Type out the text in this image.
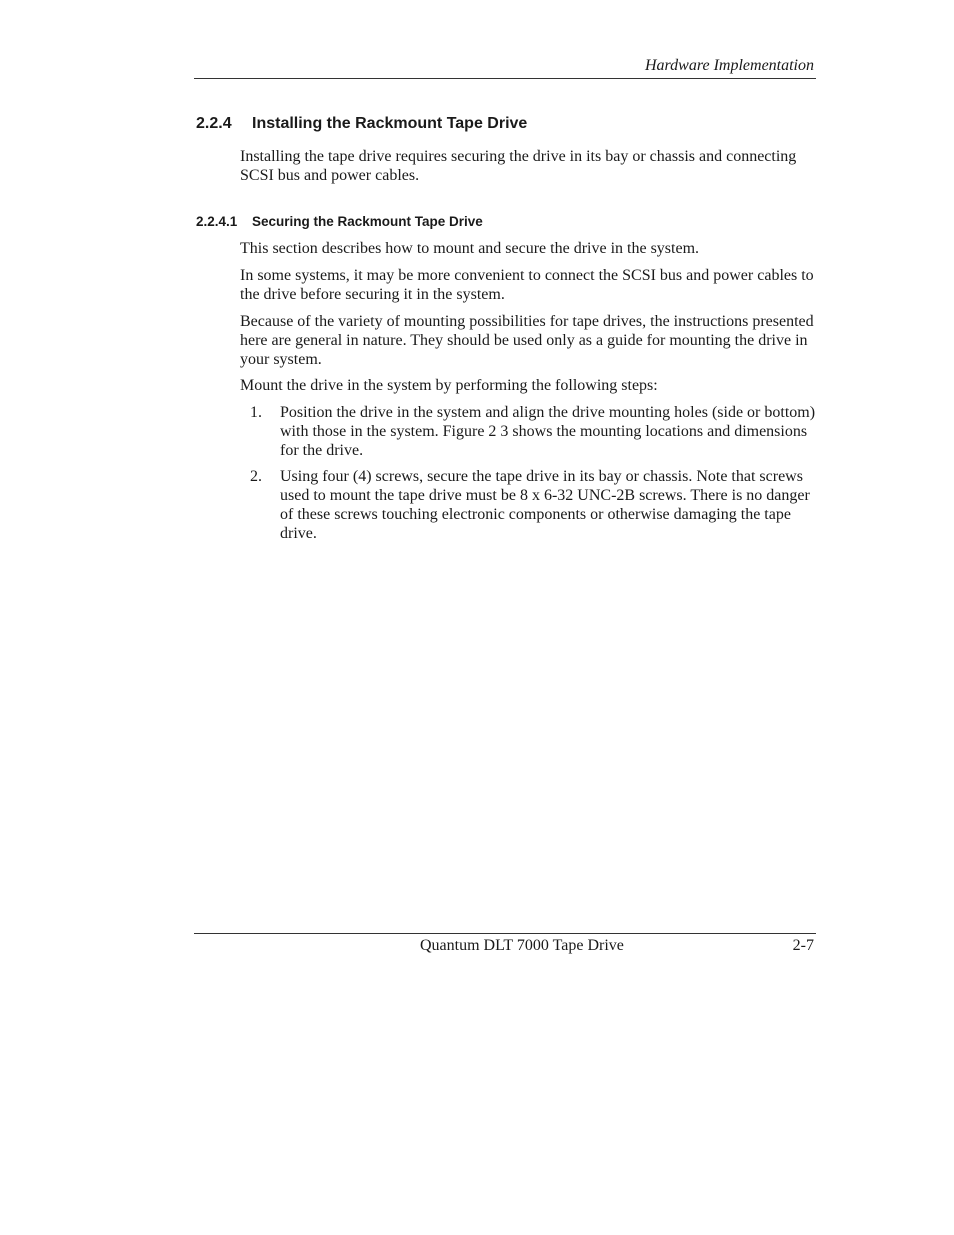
Hardware Implementation
2.2.4 Installing the Rackmount Tape Drive

Installing the tape drive requires securing the drive in its bay or chassis and connecting SCSI bus and power cables.

2.2.4.1 Securing the Rackmount Tape Drive

This section describes how to mount and secure the drive in the system.

In some systems, it may be more convenient to connect the SCSI bus and power cables to the drive before securing it in the system.

Because of the variety of mounting possibilities for tape drives, the instructions presented here are general in nature. They should be used only as a guide for mounting the drive in your system.

Mount the drive in the system by performing the following steps:

1. Position the drive in the system and align the drive mounting holes (side or bottom) with those in the system. Figure 2 3 shows the mounting locations and dimensions for the drive.
2. Using four (4) screws, secure the tape drive in its bay or chassis. Note that screws used to mount the tape drive must be 8 x 6-32 UNC-2B screws. There is no danger of these screws touching electronic components or otherwise damaging the tape drive.
Quantum DLT 7000 Tape Drive	2-7
